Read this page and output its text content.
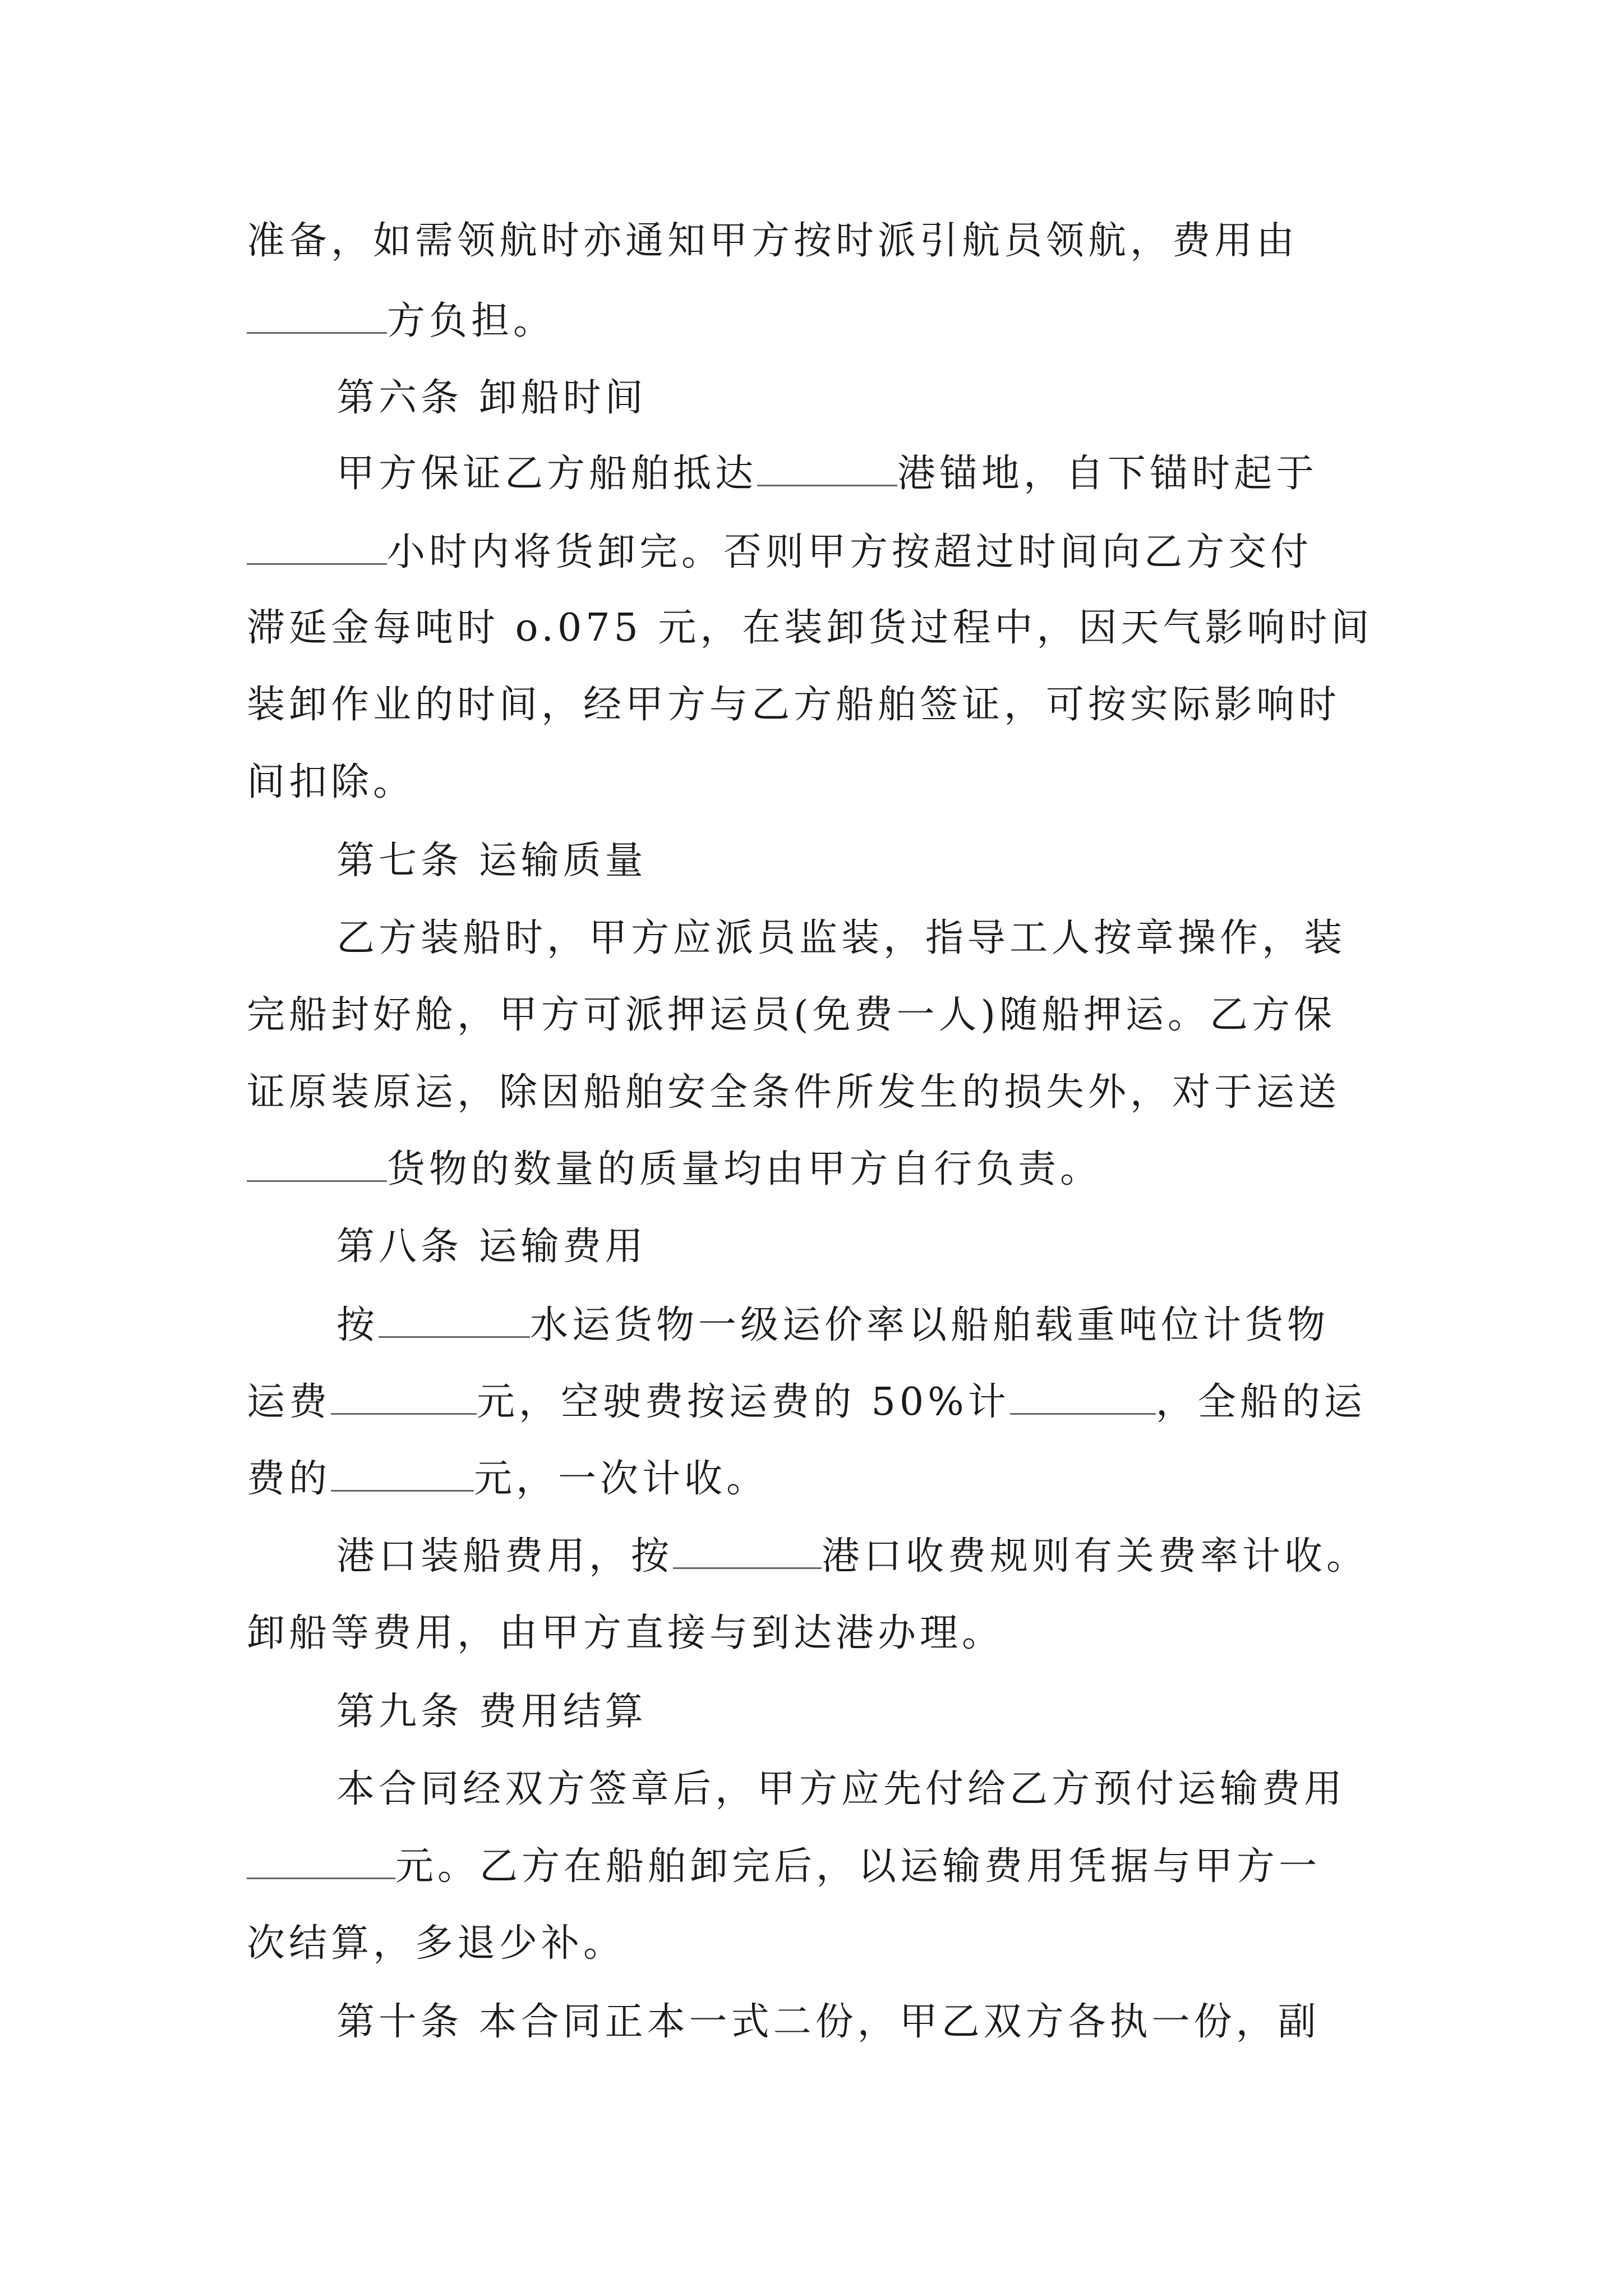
准备，如需领航时亦通知甲方按时派引航员领航，费用由
方负担。
第六条 卸船时间
甲方保证乙方船舶抵达	港锚地，自下锚时起于
小时内将货卸完。否则甲方按超过时间向乙方交付
滞延金每吨时 o.075 元，在装卸货过程中，因天气影响时间
装卸作业的时间，经甲方与乙方船舶签证，可按实际影响时
间扣除。
第七条 运输质量
乙方装船时，甲方应派员监装，指导工人按章操作，装
完船封好舱，甲方可派押运员(免费一人)随船押运。乙方保
证原装原运，除因船舶安全条件所发生的损失外，对于运送
货物的数量的质量均由甲方自行负责。
第八条 运输费用
按	水运货物一级运价率以船舶载重吨位计货物
运费	元，空驶费按运费的 50%计	，全船的运
费的	元，一次计收。
港口装船费用，按	港口收费规则有关费率计收。
卸船等费用，由甲方直接与到达港办理。
第九条 费用结算
本合同经双方签章后，甲方应先付给乙方预付运输费用
元。乙方在船舶卸完后，以运输费用凭据与甲方一
次结算，多退少补。
第十条 本合同正本一式二份，甲乙双方各执一份，副
